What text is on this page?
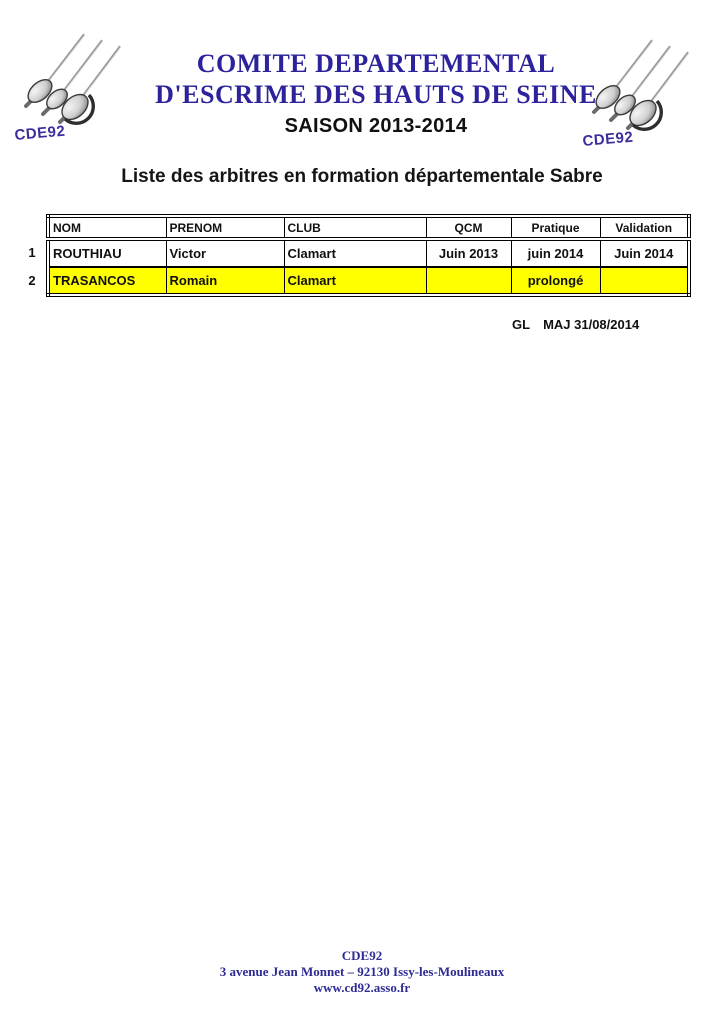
CDE92	CDE92
COMITE DEPARTEMENTAL
D'ESCRIME DES HAUTS DE SEINE
SAISON 2013-2014
Liste des arbitres en formation départementale Sabre
1
2
NOM	PRENOM	CLUB	QCM	Pratique	Validation
ROUTHIAU	Victor	Clamart	Juin 2013	juin 2014	Juin 2014
TRASANCOS	Romain	Clamart		prolongé	
GL MAJ 31/08/2014
CDE92
3 avenue Jean Monnet – 92130 Issy-les-Moulineaux
www.cd92.asso.fr
